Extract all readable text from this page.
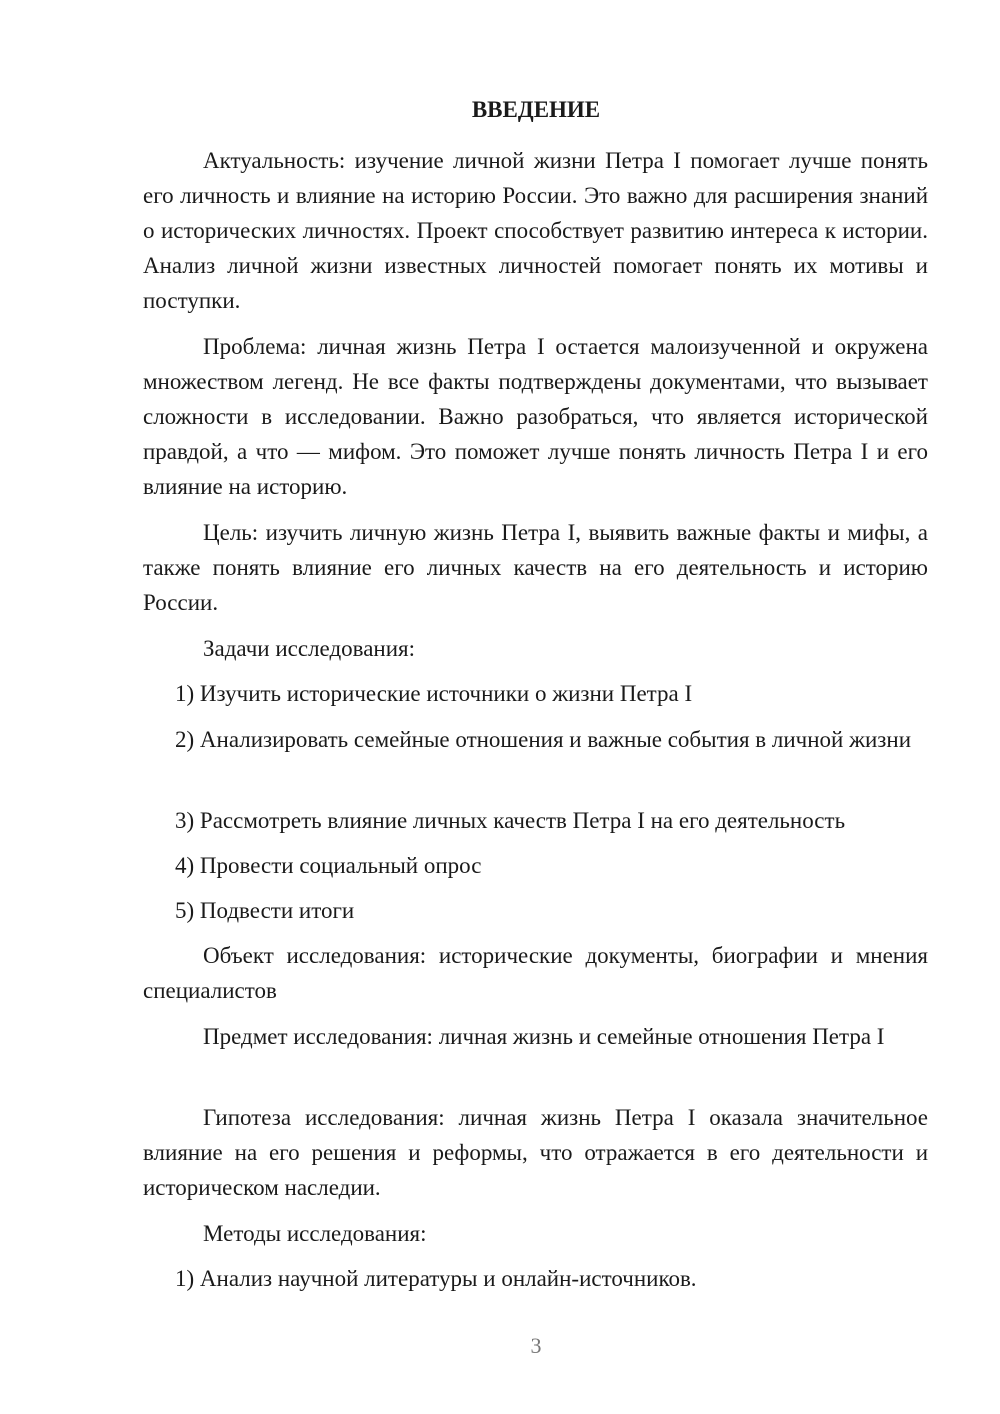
ВВЕДЕНИЕ

Актуальность: изучение личной жизни Петра I помогает лучше понять его личность и влияние на историю России. Это важно для расширения знаний о исторических личностях. Проект способствует развитию интереса к истории. Анализ личной жизни известных личностей помогает понять их мотивы и поступки.

Проблема: личная жизнь Петра I остается малоизученной и окружена множеством легенд. Не все факты подтверждены документами, что вызывает сложности в исследовании. Важно разобраться, что является исторической правдой, а что — мифом. Это поможет лучше понять личность Петра I и его влияние на историю.

Цель: изучить личную жизнь Петра I, выявить важные факты и мифы, а также понять влияние его личных качеств на его деятельность и историю России.

Задачи исследования:

1) Изучить исторические источники о жизни Петра I

2) Анализировать семейные отношения и важные события в личной жизни

3) Рассмотреть влияние личных качеств Петра I на его деятельность

4) Провести социальный опрос

5) Подвести итоги

Объект исследования: исторические документы, биографии и мнения специалистов

Предмет исследования: личная жизнь и семейные отношения Петра I

Гипотеза исследования: личная жизнь Петра I оказала значительное влияние на его решения и реформы, что отражается в его деятельности и историческом наследии.

Методы исследования:

1) Анализ научной литературы и онлайн-источников.

3
